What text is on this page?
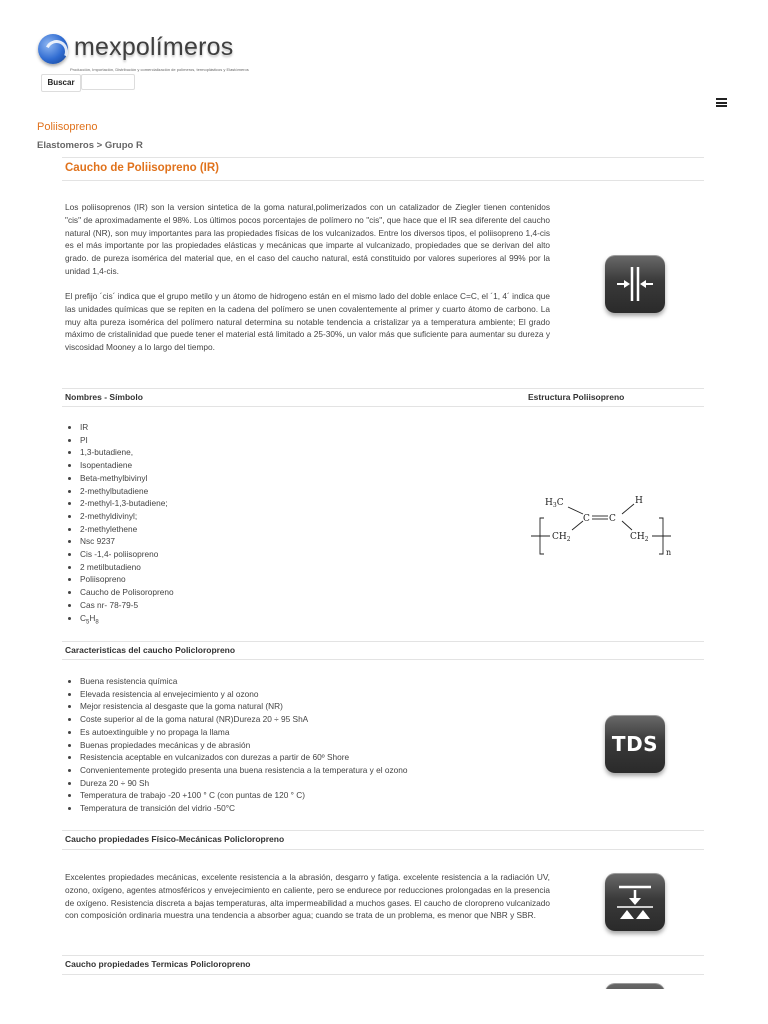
mexpolímeros
Producción, Importación, Distribución y comercialización de polímeros, termoplásticos y Elastómeros
Buscar
Poliisopreno
Elastomeros > Grupo R
Caucho de Poliisopreno (IR)
Los poliisoprenos (IR) son la version sintetica de la goma natural,polimerizados con un catalizador de Ziegler tienen contenidos "cis" de aproximadamente el 98%. Los últimos pocos porcentajes de polímero no "cis", que hace que el IR sea diferente del caucho natural (NR), son muy importantes para las propiedades físicas de los vulcanizados. Entre los diversos tipos, el poliisopreno 1,4-cis es el más importante por las propiedades elásticas y mecánicas que imparte al vulcanizado, propiedades que se derivan del alto grado. de pureza isomérica del material que, en el caso del caucho natural, está constituido por valores superiores al 99% por la unidad 1,4-cis.
El prefijo ´cis´ indica que el grupo metilo y un átomo de hidrogeno están en el mismo lado del doble enlace C=C, el ´1, 4´ indica que las unidades químicas que se repiten en la cadena del polímero se unen covalentemente al primer y cuarto átomo de carbono. La muy alta pureza isomérica del polímero natural determina su notable tendencia a cristalizar ya a temperatura ambiente; El grado máximo de cristalinidad que puede tener el material está limitado a 25-30%, un valor más que suficiente para aumentar su dureza y viscosidad Mooney a lo largo del tiempo.
Nombres - Símbolo	Estructura Poliisopreno
• IR
• PI
• 1,3-butadiene,
• Isopentadiene
• Beta-methylbivinyl
• 2-methylbutadiene
• 2-methyl-1,3-butadiene;
• 2-methyldivinyl;
• 2-methylethene
• Nsc 9237
• Cis -1,4- poliisopreno
• 2 metilbutadieno
• Poliisopreno
• Caucho de Polisoropreno
• Cas nr- 78-79-5
• $C_5H_8$
$H_3C$	H
C C
$CH_2$	$CH_2$
n
Caracteristicas del caucho Policloropreno
• Buena resistencia química
• Elevada resistencia al envejecimiento y al ozono
• Mejor resistencia al desgaste que la goma natural (NR)
• Coste superior al de la goma natural (NR)Dureza 20 ÷ 95 ShA
• Es autoextinguible y no propaga la llama
• Buenas propiedades mecánicas y de abrasión
• Resistencia aceptable en vulcanizados con durezas a partir de 60º Shore
• Convenientemente protegido presenta una buena resistencia a la temperatura y el ozono
• Dureza 20 ÷ 90 Sh
• Temperatura de trabajo -20 +100 ° C (con puntas de 120 ° C)
• Temperatura de transición del vidrio -50°C
TDS
Caucho propiedades Físico-Mecánicas Policloropreno
Excelentes propiedades mecánicas, excelente resistencia a la abrasión, desgarro y fatiga. excelente resistencia a la radiación UV, ozono, oxígeno, agentes atmosféricos y envejecimiento en caliente, pero se endurece por reducciones prolongadas en la presencia de oxígeno. Resistencia discreta a bajas temperaturas, alta impermeabilidad a muchos gases. El caucho de cloropreno vulcanizado con composición ordinaria muestra una tendencia a absorber agua; cuando se trata de un problema, es menor que NBR y SBR.
Caucho propiedades Termicas Policloropreno
